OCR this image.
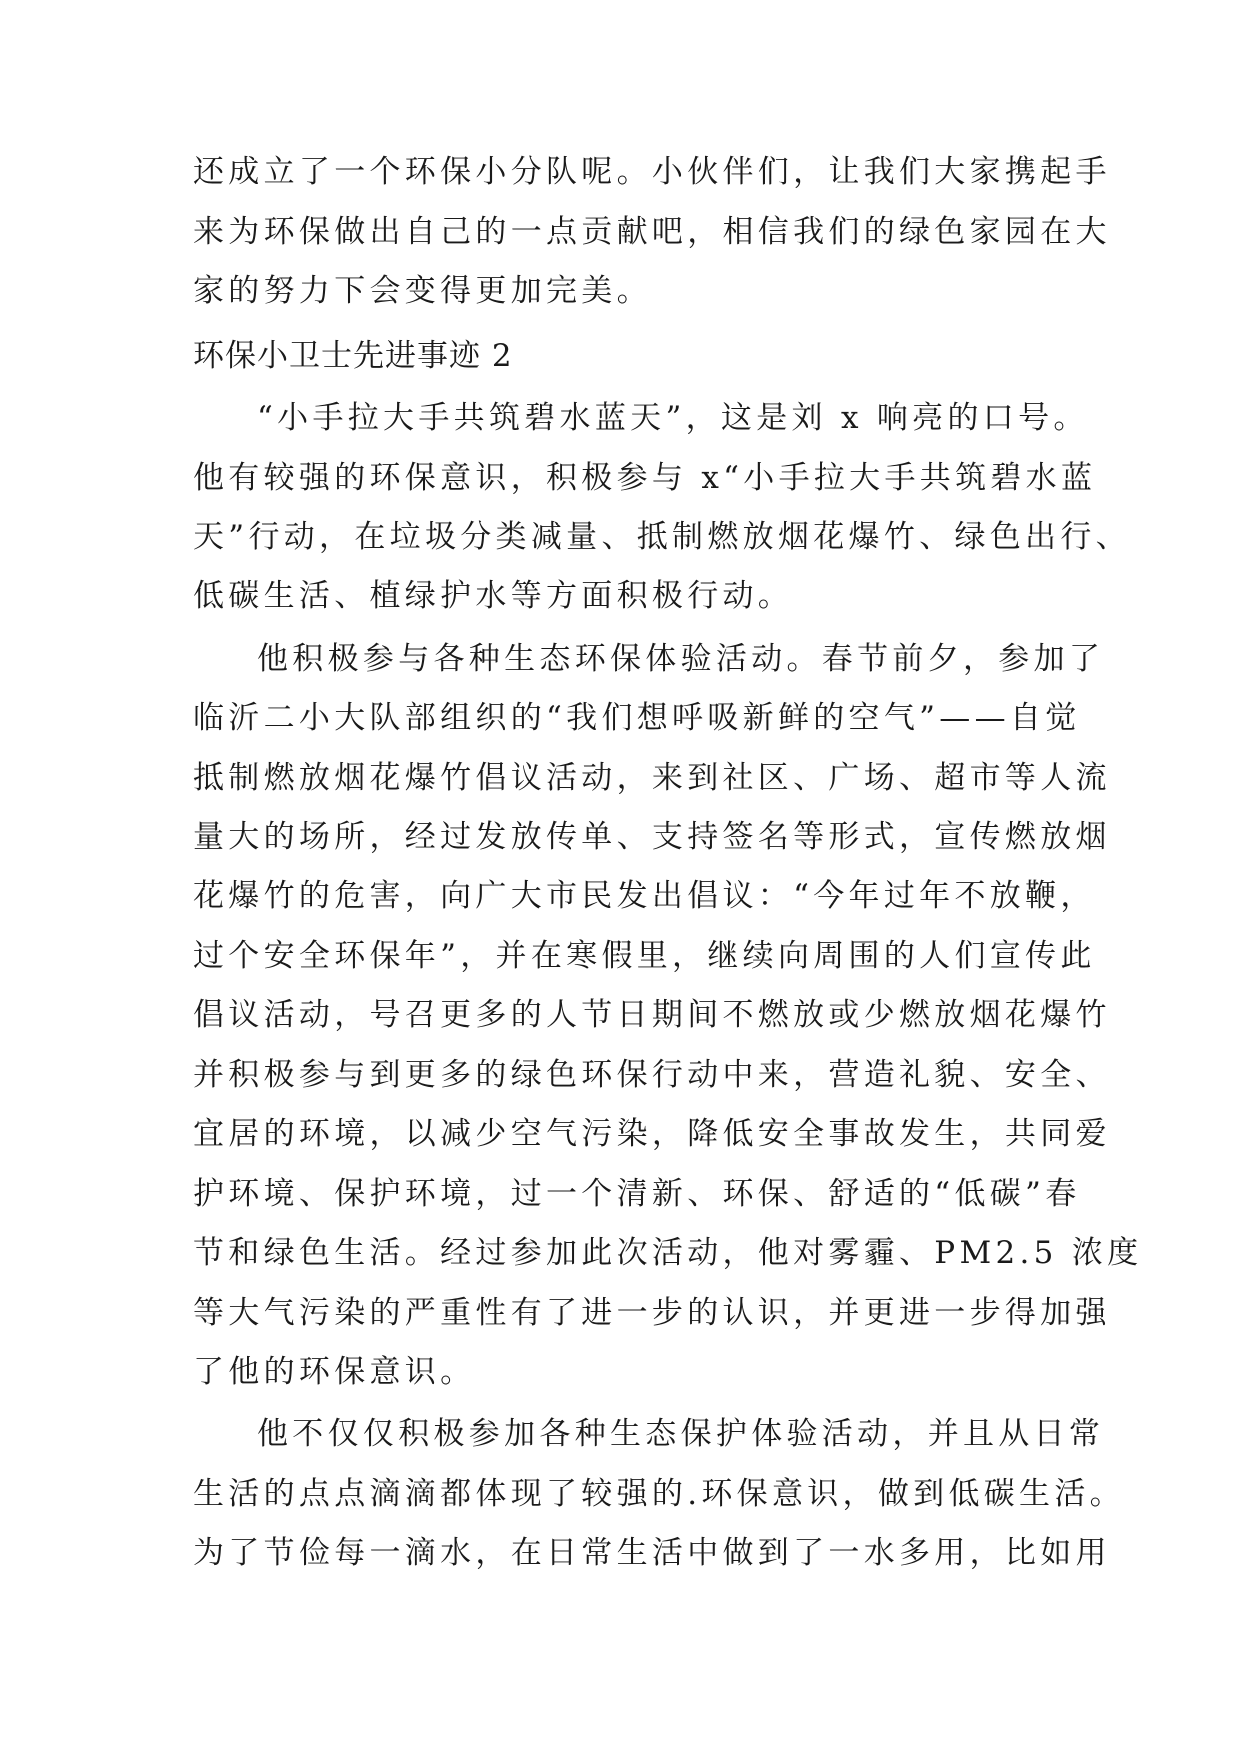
还成立了一个环保小分队呢。小伙伴们，让我们大家携起手
来为环保做出自己的一点贡献吧，相信我们的绿色家园在大
家的努力下会变得更加完美。
环保小卫士先进事迹 2
“小手拉大手共筑碧水蓝天”，这是刘 x 响亮的口号。
他有较强的环保意识，积极参与 x“小手拉大手共筑碧水蓝
天”行动，在垃圾分类减量、抵制燃放烟花爆竹、绿色出行、
低碳生活、植绿护水等方面积极行动。
他积极参与各种生态环保体验活动。春节前夕，参加了
临沂二小大队部组织的“我们想呼吸新鲜的空气”——自觉
抵制燃放烟花爆竹倡议活动，来到社区、广场、超市等人流
量大的场所，经过发放传单、支持签名等形式，宣传燃放烟
花爆竹的危害，向广大市民发出倡议：“今年过年不放鞭，
过个安全环保年”，并在寒假里，继续向周围的人们宣传此
倡议活动，号召更多的人节日期间不燃放或少燃放烟花爆竹
并积极参与到更多的绿色环保行动中来，营造礼貌、安全、
宜居的环境，以减少空气污染，降低安全事故发生，共同爱
护环境、保护环境，过一个清新、环保、舒适的“低碳”春
节和绿色生活。经过参加此次活动，他对雾霾、PM2.5 浓度
等大气污染的严重性有了进一步的认识，并更进一步得加强
了他的环保意识。
他不仅仅积极参加各种生态保护体验活动，并且从日常
生活的点点滴滴都体现了较强的.环保意识，做到低碳生活。
为了节俭每一滴水，在日常生活中做到了一水多用，比如用
